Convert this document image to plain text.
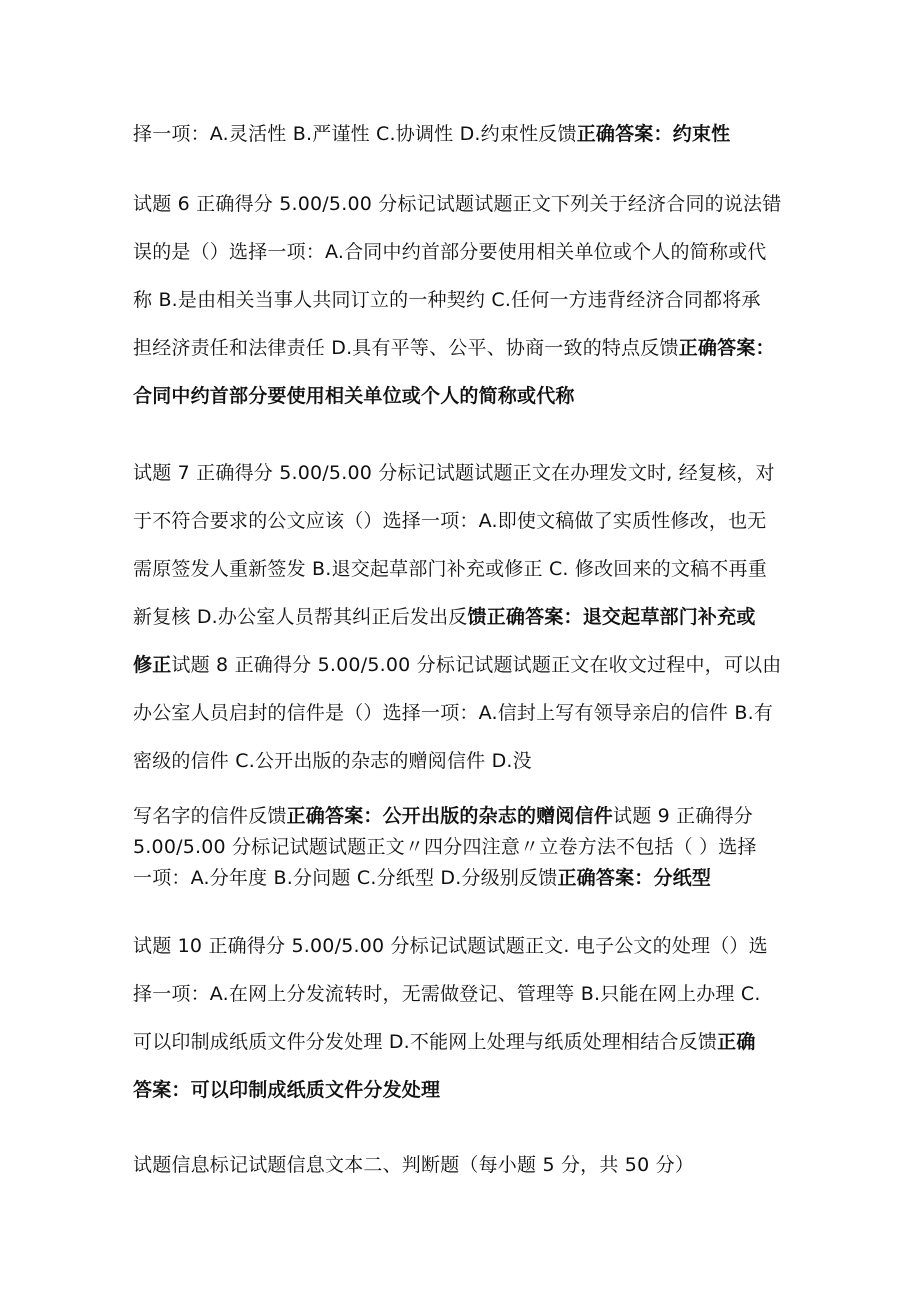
择一项：A.灵活性 B.严谨性 C.协调性 D.约束性反馈正确答案：约束性

试题 6 正确得分 5.00/5.00 分标记试题试题正文下列关于经济合同的说法错
误的是（）选择一项：A.合同中约首部分要使用相关单位或个人的简称或代
称 B.是由相关当事人共同订立的一种契约 C.任何一方违背经济合同都将承
担经济责任和法律责任 D.具有平等、公平、协商一致的特点反馈正确答案：
合同中约首部分要使用相关单位或个人的简称或代称

试题 7 正确得分 5.00/5.00 分标记试题试题正文在办理发文时, 经复核，对
于不符合要求的公文应该（）选择一项：A.即使文稿做了实质性修改，也无
需原签发人重新签发 B.退交起草部门补充或修正 C. 修改回来的文稿不再重
新复核 D.办公室人员帮其纠正后发出反馈正确答案：退交起草部门补充或
修正试题 8 正确得分 5.00/5.00 分标记试题试题正文在收文过程中，可以由
办公室人员启封的信件是（）选择一项：A.信封上写有领导亲启的信件 B.有
密级的信件 C.公开出版的杂志的赠阅信件 D.没

写名字的信件反馈正确答案：公开出版的杂志的赠阅信件试题 9 正确得分
5.00/5.00 分标记试题试题正文〃四分四注意〃立卷方法不包括（ ）选择
一项：A.分年度 B.分问题 C.分纸型 D.分级别反馈正确答案：分纸型

试题 10 正确得分 5.00/5.00 分标记试题试题正文. 电子公文的处理（）选
择一项：A.在网上分发流转时，无需做登记、管理等 B.只能在网上办理 C.
可以印制成纸质文件分发处理 D.不能网上处理与纸质处理相结合反馈正确
答案：可以印制成纸质文件分发处理

试题信息标记试题信息文本二、判断题（每小题 5 分，共 50 分）
